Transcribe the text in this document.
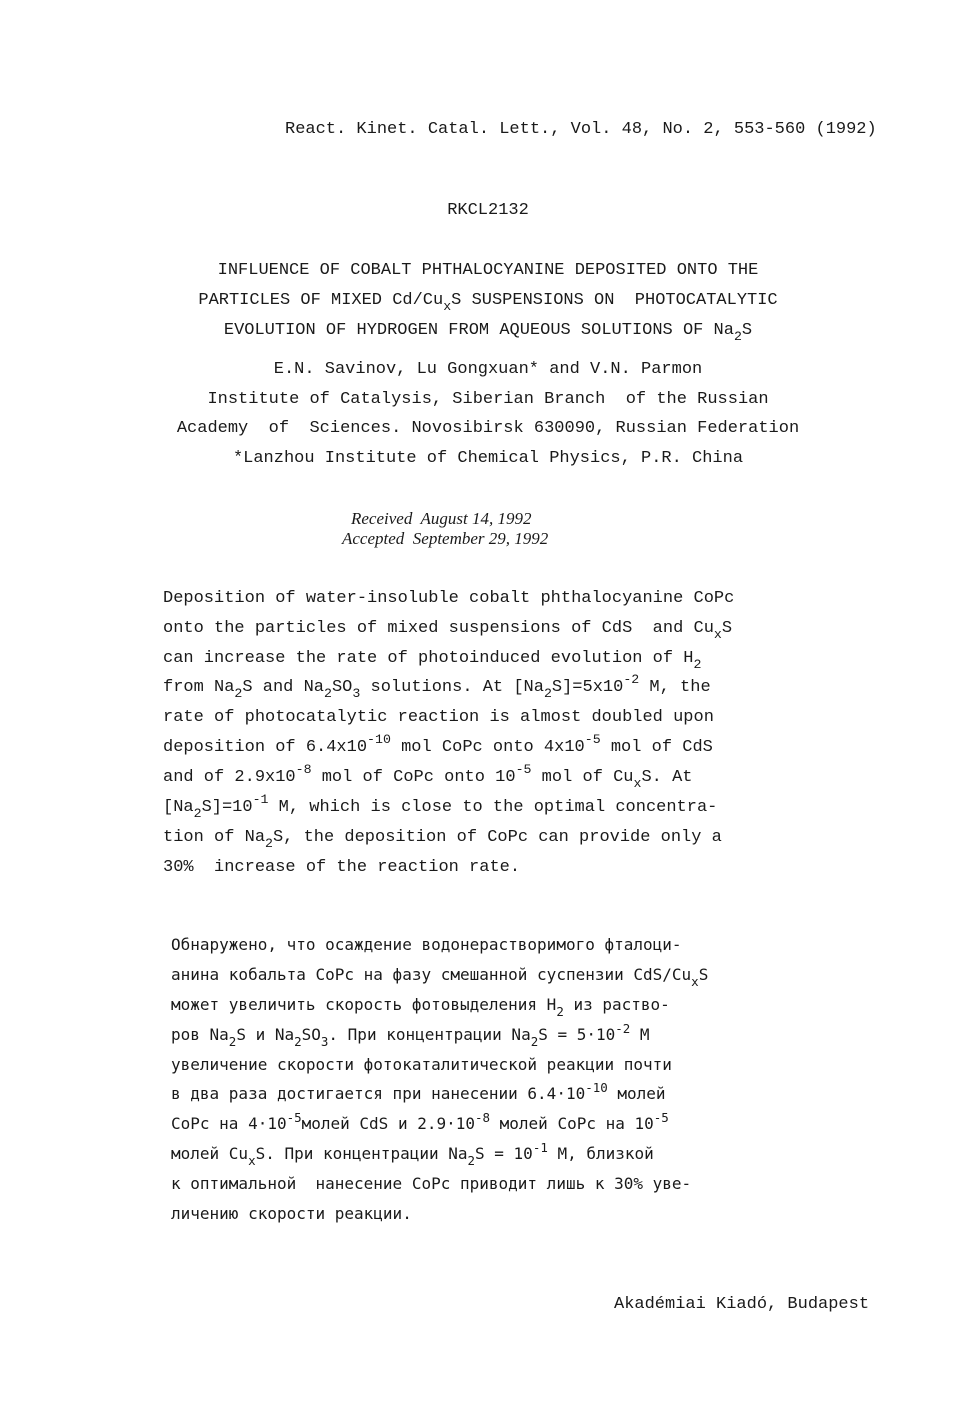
React. Kinet. Catal. Lett., Vol. 48, No. 2, 553-560 (1992)
RKCL2132
INFLUENCE OF COBALT PHTHALOCYANINE DEPOSITED ONTO THE
PARTICLES OF MIXED $Cd/Cu_xS$ SUSPENSIONS ON  PHOTOCATALYTIC
EVOLUTION OF HYDROGEN FROM AQUEOUS SOLUTIONS OF $Na_2S$
E.N. Savinov, Lu Gongxuan* and V.N. Parmon
Institute of Catalysis, Siberian Branch  of the Russian
Academy  of  Sciences. Novosibirsk 630090, Russian Federation
*Lanzhou Institute of Chemical Physics, P.R. China
Received  August 14, 1992
Accepted  September 29, 1992
Deposition of water-insoluble cobalt phthalocyanine CoPc
onto the particles of mixed suspensions of CdS  and $Cu_xS$
can increase the rate of photoinduced evolution of $H_2$
from $Na_2S$ and $Na_2SO_3$ solutions. At $[Na_2S]=5x10^{-2}$ M, the
rate of photocatalytic reaction is almost doubled upon
deposition of $6.4x10^{-10}$ mol CoPc onto $4x10^{-5}$ mol of CdS
and of $2.9x10^{-8}$ mol of CoPc onto $10^{-5}$ mol of $Cu_xS$. At
$[Na_2S]=10^{-1}$ M, which is close to the optimal concentra-
tion of $Na_2S$, the deposition of CoPc can provide only a
30%  increase of the reaction rate.
Обнаружено, что осаждение водонерастворимого фталоци-
анина кобальта CoPc на фазу смешанной суспензии CdS/$Cu_xS$
может увеличить скорость фотовыделения $H_2$ из раство-
ров $Na_2S$ и $Na_2SO_3$. При концентрации $Na_2S = 5\cdot 10^{-2}$ M
увеличение скорости фотокаталитической реакции почти
в два раза достигается при нанесении $6.4\cdot 10^{-10}$ молей
CoPc на $4\cdot 10^{-5}молей$ CdS и $2.9\cdot 10^{-8}$ молей CoPc на $10^{-5}$
молей $Cu_xS$. При концентрации $Na_2S = 10^{-1}$ M, близкой
к оптимальной  нанесение CoPc приводит лишь к 30% уве-
личению скорости реакции.
Akadémiai Kiadó, Budapest
